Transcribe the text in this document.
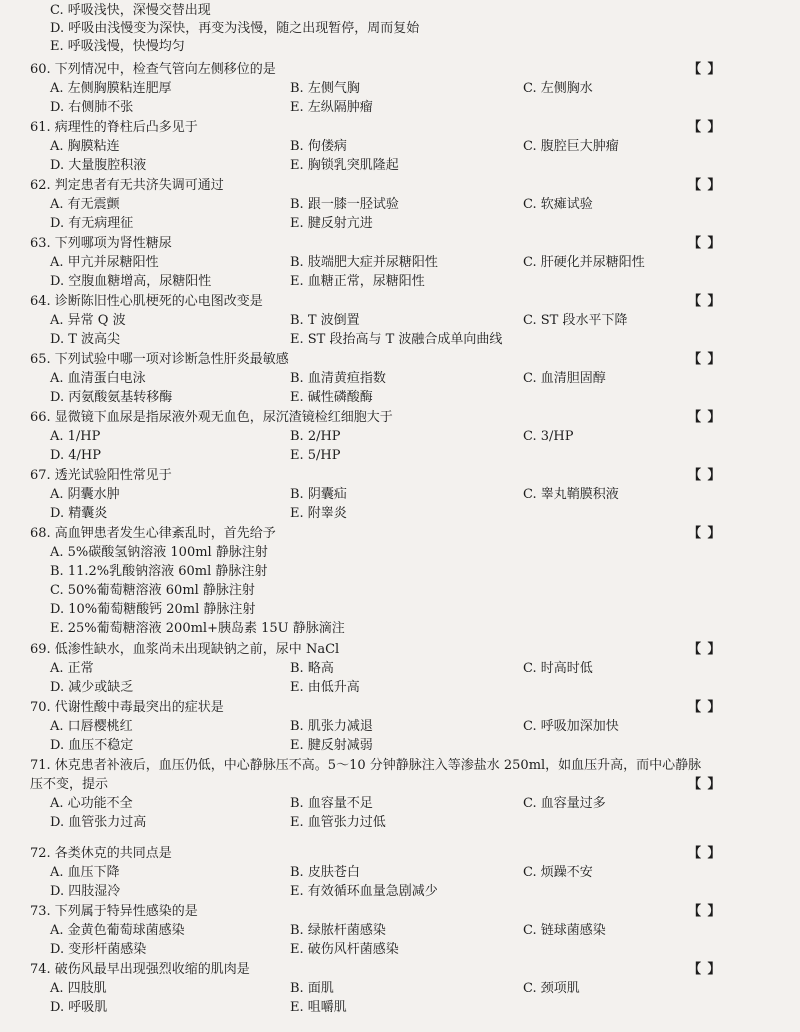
C. 呼吸浅快，深慢交替出现
D. 呼吸由浅慢变为深快，再变为浅慢，随之出现暂停，周而复始
E. 呼吸浅慢，快慢均匀
60. 下列情况中，检查气管向左侧移位的是	【 】
A. 左侧胸膜粘连肥厚	B. 左侧气胸	C. 左侧胸水
D. 右侧肺不张	E. 左纵隔肿瘤
61. 病理性的脊柱后凸多见于	【 】
A. 胸膜粘连	B. 佝偻病	C. 腹腔巨大肿瘤
D. 大量腹腔积液	E. 胸锁乳突肌隆起
62. 判定患者有无共济失调可通过	【 】
A. 有无震颤	B. 跟一膝一胫试验	C. 软瘫试验
D. 有无病理征	E. 腱反射亢进
63. 下列哪项为肾性糖尿	【 】
A. 甲亢并尿糖阳性	B. 肢端肥大症并尿糖阳性	C. 肝硬化并尿糖阳性
D. 空腹血糖增高，尿糖阳性	E. 血糖正常，尿糖阳性
64. 诊断陈旧性心肌梗死的心电图改变是	【 】
A. 异常 Q 波	B. T 波倒置	C. ST 段水平下降
D. T 波高尖	E. ST 段抬高与 T 波融合成单向曲线
65. 下列试验中哪一项对诊断急性肝炎最敏感	【 】
A. 血清蛋白电泳	B. 血清黄疸指数	C. 血清胆固醇
D. 丙氨酸氨基转移酶	E. 碱性磷酸酶
66. 显微镜下血尿是指尿液外观无血色，尿沉渣镜检红细胞大于	【 】
A. 1/HP	B. 2/HP	C. 3/HP
D. 4/HP	E. 5/HP
67. 透光试验阳性常见于	【 】
A. 阴囊水肿	B. 阴囊疝	C. 睾丸鞘膜积液
D. 精囊炎	E. 附睾炎
68. 高血钾患者发生心律紊乱时，首先给予	【 】
69. 低渗性缺水，血浆尚未出现缺钠之前，尿中 NaCl	【 】
A. 正常	B. 略高	C. 时高时低
D. 减少或缺乏	E. 由低升高
70. 代谢性酸中毒最突出的症状是	【 】
A. 口唇樱桃红	B. 肌张力减退	C. 呼吸加深加快
D. 血压不稳定	E. 腱反射减弱
71. 休克患者补液后，血压仍低，中心静脉压不高。5～10 分钟静脉注入等渗盐水 250ml，如血压升高，而中心静脉
压不变，提示	【 】
A. 心功能不全	B. 血容量不足	C. 血容量过多
D. 血管张力过高	E. 血管张力过低
72. 各类休克的共同点是	【 】
A. 血压下降	B. 皮肤苍白	C. 烦躁不安
D. 四肢湿冷	E. 有效循环血量急剧减少
73. 下列属于特异性感染的是	【 】
A. 金黄色葡萄球菌感染	B. 绿脓杆菌感染	C. 链球菌感染
D. 变形杆菌感染	E. 破伤风杆菌感染
74. 破伤风最早出现强烈收缩的肌肉是	【 】
A. 四肢肌	B. 面肌	C. 颈项肌
D. 呼吸肌	E. 咀嚼肌
A. 5%碳酸氢钠溶液 100ml 静脉注射
B. 11.2%乳酸钠溶液 60ml 静脉注射
C. 50%葡萄糖溶液 60ml 静脉注射
D. 10%葡萄糖酸钙 20ml 静脉注射
E. 25%葡萄糖溶液 200ml+胰岛素 15U 静脉滴注
